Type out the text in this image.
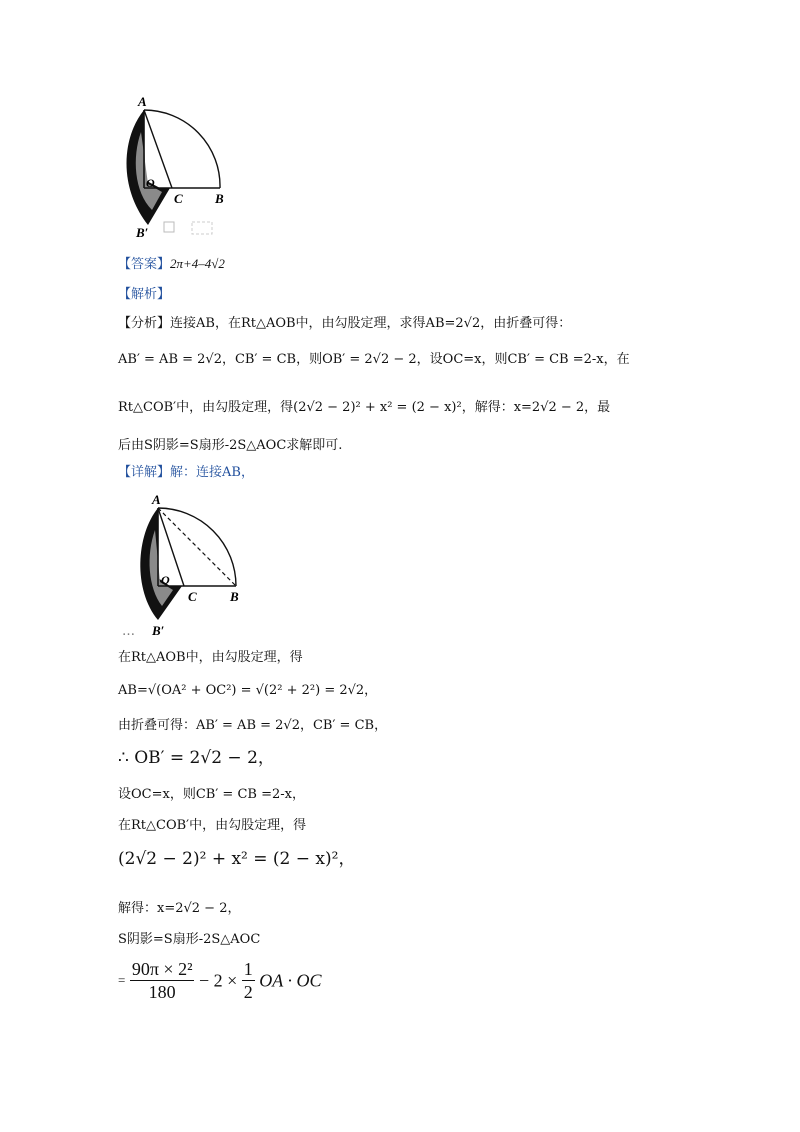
A
O
C B
B′
【答案】2π+4–4√2
【解析】
【分析】连接AB，在Rt△AOB中，由勾股定理，求得AB=2√2，由折叠可得：
AB′ = AB = 2√2，CB′ = CB，则OB′ = 2√2 − 2，设OC=x，则CB′ = CB =2-x，在
Rt△COB′中，由勾股定理，得(2√2 − 2)² + x² = (2 − x)²，解得：x=2√2 − 2，最
后由S阴影=S扇形-2S△AOC求解即可.
【详解】解：连接AB，
A
O
C	B
B′
…
在Rt△AOB中，由勾股定理，得
AB=√(OA² + OC²) = √(2² + 2²) = 2√2，
由折叠可得：AB′ = AB = 2√2，CB′ = CB，
∴ OB′ = 2√2 − 2，
设OC=x，则CB′ = CB =2-x，
在Rt△COB′中，由勾股定理，得
(2√2 − 2)² + x² = (2 − x)²，
解得：x=2√2 − 2，
S阴影=S扇形-2S△AOC
= $\frac{\text{90π × 2²}}{180} - 2 \times \frac{1}{2}$ OA · OC
